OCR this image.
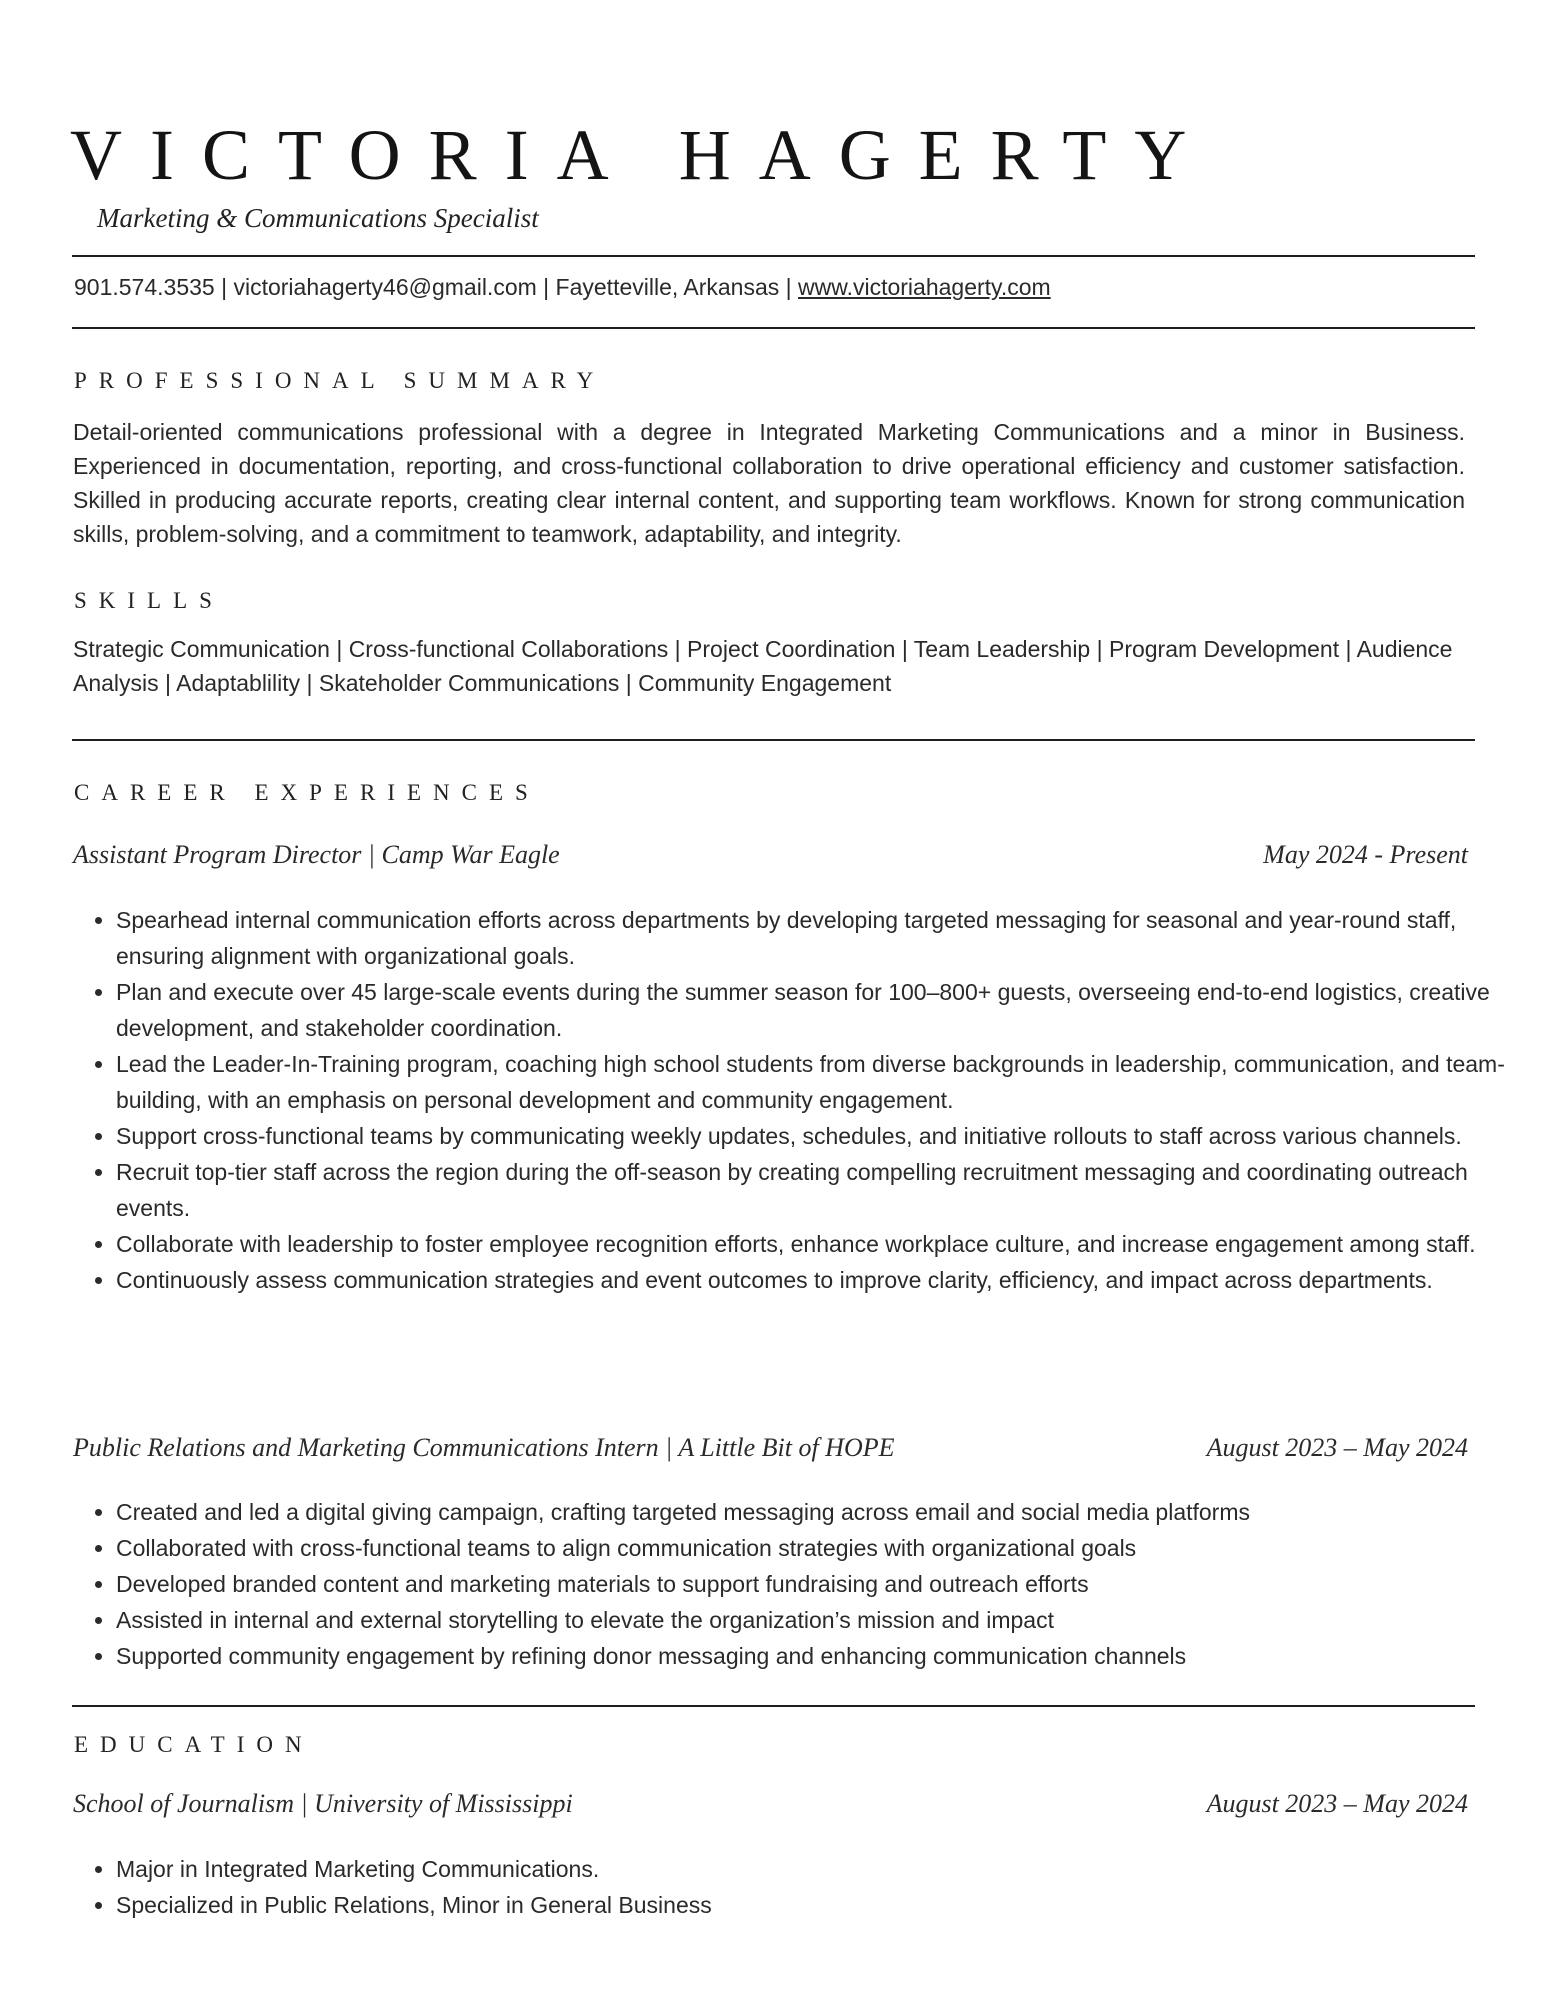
VICTORIA HAGERTY
Marketing & Communications Specialist
901.574.3535 | victoriahagerty46@gmail.com | Fayetteville, Arkansas | www.victoriahagerty.com
PROFESSIONAL SUMMARY

Detail-oriented communications professional with a degree in Integrated Marketing Communications and a minor in Business. Experienced in documentation, reporting, and cross-functional collaboration to drive operational efficiency and customer satisfaction. Skilled in producing accurate reports, creating clear internal content, and supporting team workflows. Known for strong communication skills, problem-solving, and a commitment to teamwork, adaptability, and integrity.

SKILLS

Strategic Communication | Cross-functional Collaborations | Project Coordination | Team Leadership | Program Development | Audience Analysis | Adaptablility | Skateholder Communications | Community Engagement

CAREER EXPERIENCES
Assistant Program Director | Camp War Eagle	May 2024 - Present
• Spearhead internal communication efforts across departments by developing targeted messaging for seasonal and year-round staff, ensuring alignment with organizational goals.
• Plan and execute over 45 large-scale events during the summer season for 100–800+ guests, overseeing end-to-end logistics, creative development, and stakeholder coordination.
• Lead the Leader-In-Training program, coaching high school students from diverse backgrounds in leadership, communication, and team-building, with an emphasis on personal development and community engagement.
• Support cross-functional teams by communicating weekly updates, schedules, and initiative rollouts to staff across various channels.
• Recruit top-tier staff across the region during the off-season by creating compelling recruitment messaging and coordinating outreach events.
• Collaborate with leadership to foster employee recognition efforts, enhance workplace culture, and increase engagement among staff.
• Continuously assess communication strategies and event outcomes to improve clarity, efficiency, and impact across departments.
Public Relations and Marketing Communications Intern | A Little Bit of HOPE	August 2023 – May 2024
• Created and led a digital giving campaign, crafting targeted messaging across email and social media platforms
• Collaborated with cross-functional teams to align communication strategies with organizational goals
• Developed branded content and marketing materials to support fundraising and outreach efforts
• Assisted in internal and external storytelling to elevate the organization’s mission and impact
• Supported community engagement by refining donor messaging and enhancing communication channels
EDUCATION
School of Journalism | University of Mississippi	August 2023 – May 2024
• Major in Integrated Marketing Communications.
• Specialized in Public Relations, Minor in General Business
